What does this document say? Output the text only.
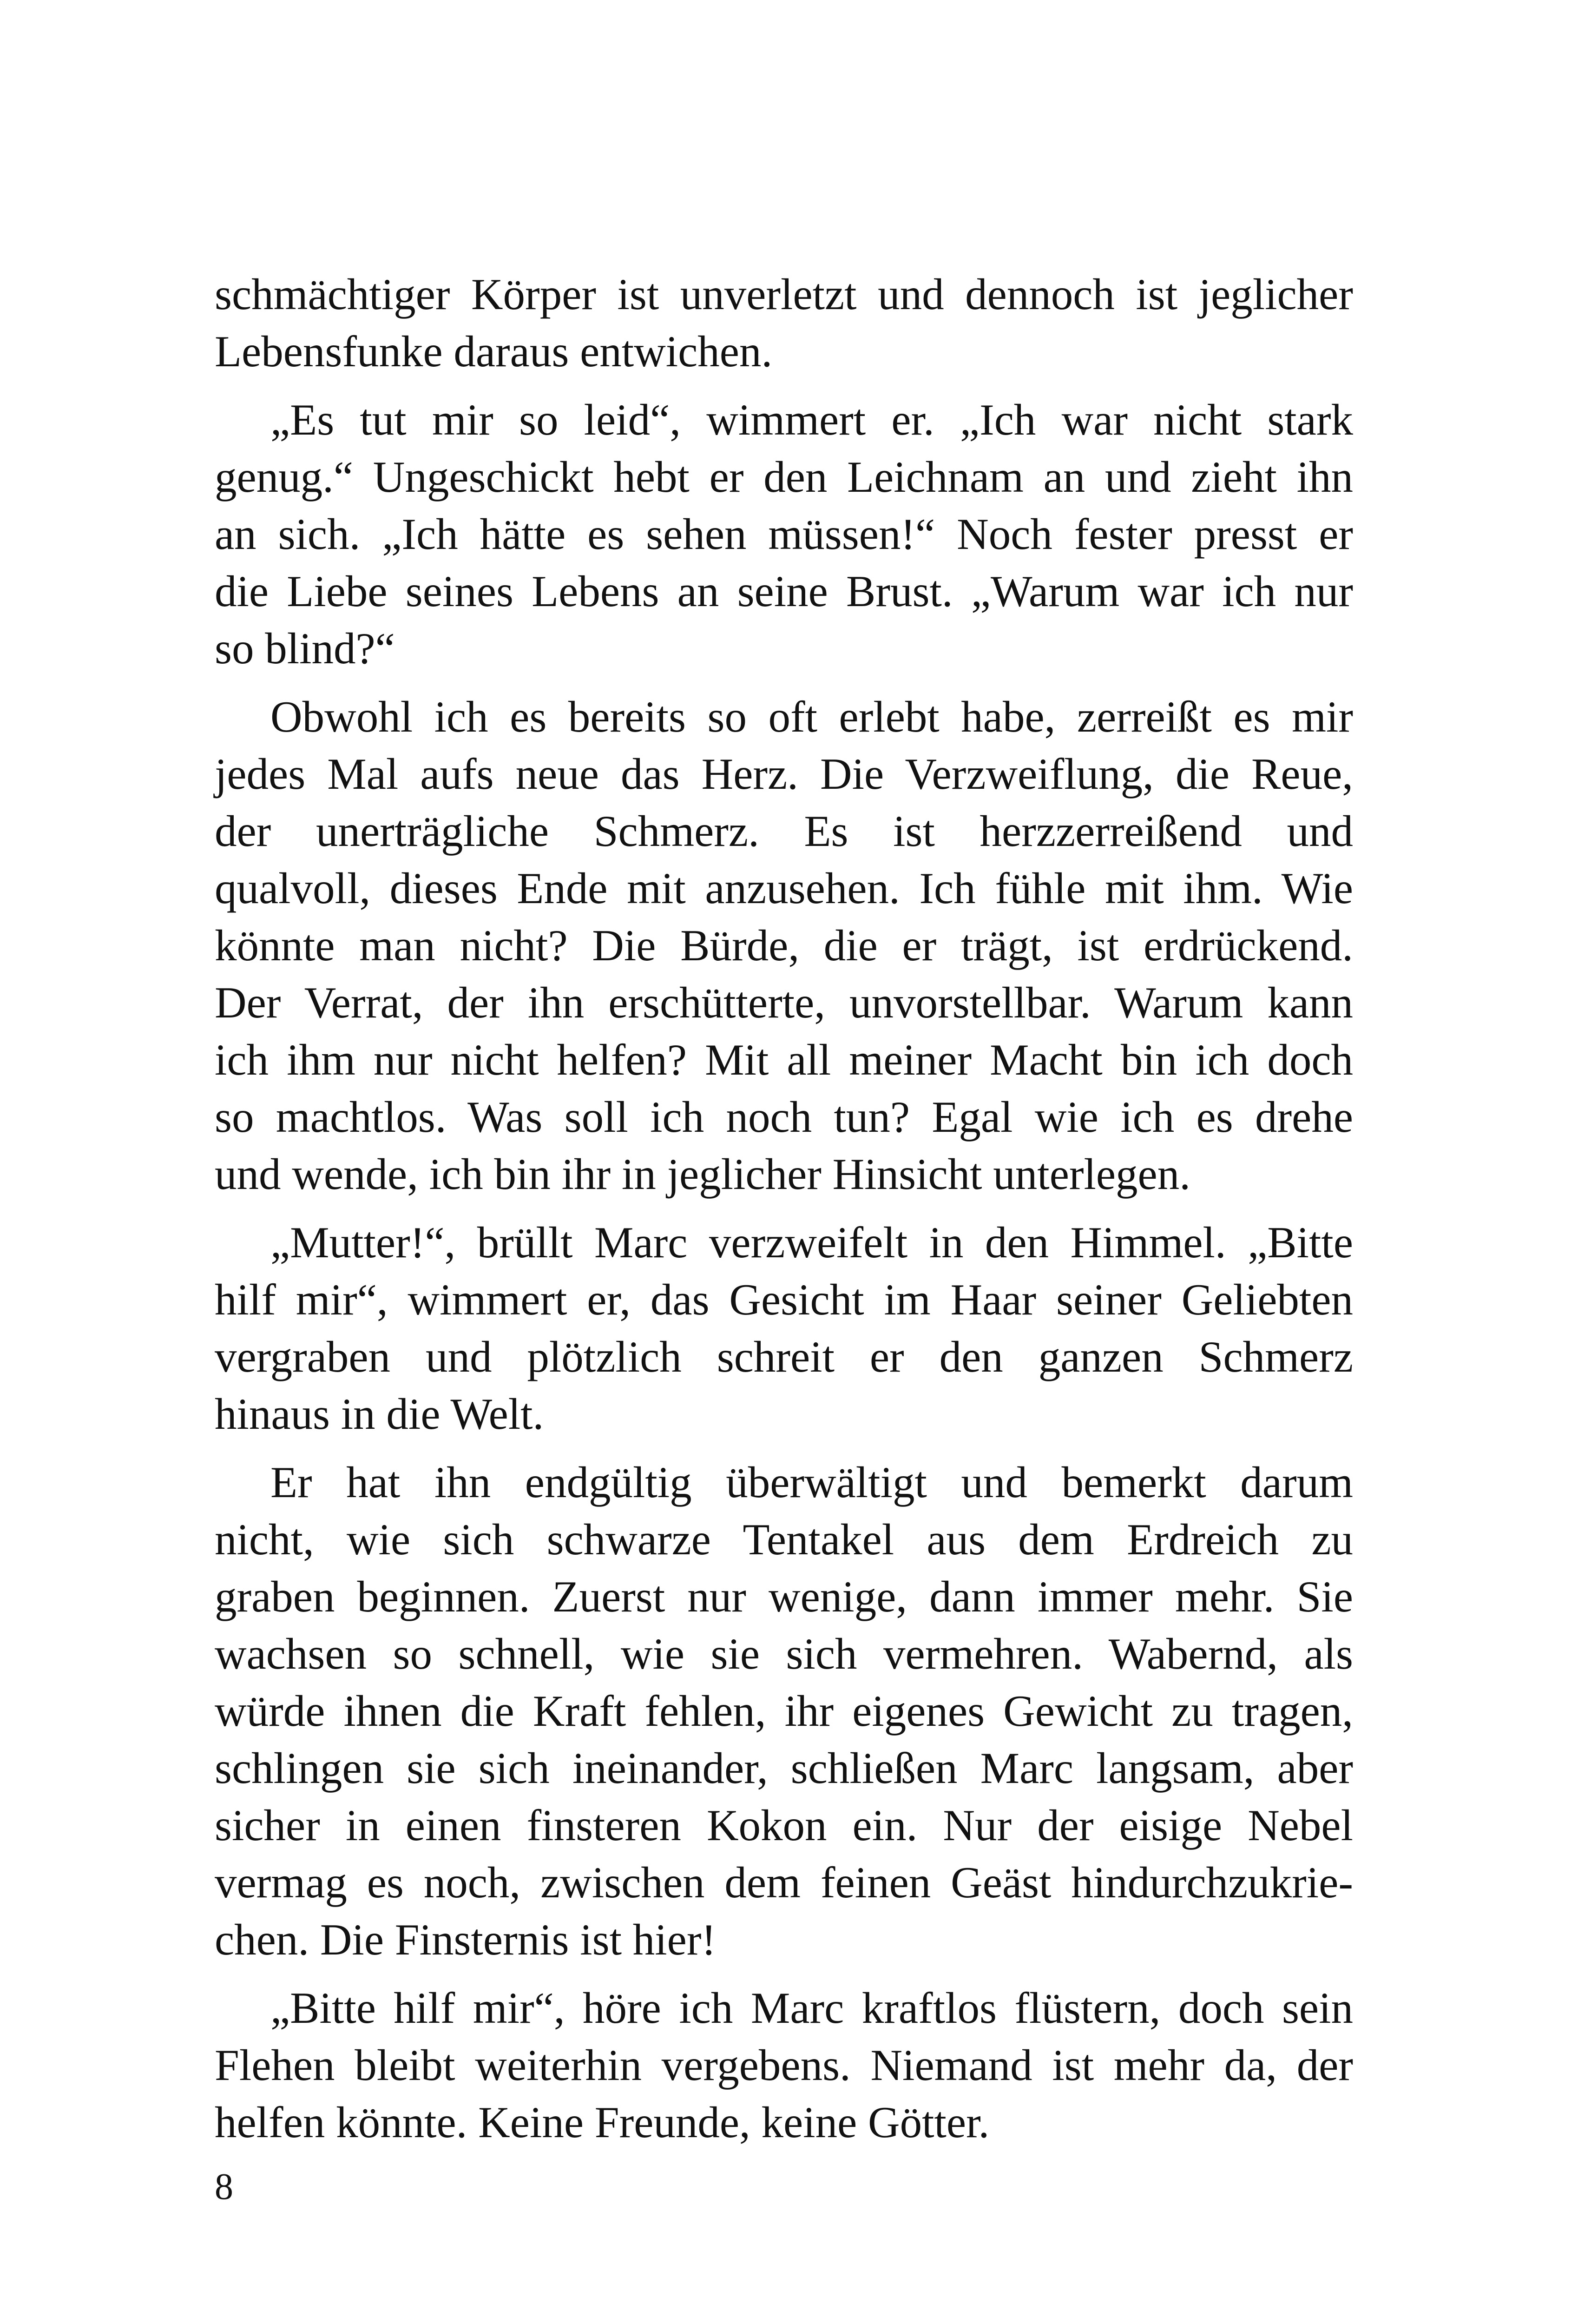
schmächtiger Körper ist unverletzt und dennoch ist jeglicher
Lebensfunke daraus entwichen.
„Es tut mir so leid“, wimmert er. „Ich war nicht stark
genug.“ Ungeschickt hebt er den Leichnam an und zieht ihn
an sich. „Ich hätte es sehen müssen!“ Noch fester presst er
die Liebe seines Lebens an seine Brust. „Warum war ich nur
so blind?“
Obwohl ich es bereits so oft erlebt habe, zerreißt es mir
jedes Mal aufs neue das Herz. Die Verzweiflung, die Reue,
der unerträgliche Schmerz. Es ist herzzerreißend und
qualvoll, dieses Ende mit anzusehen. Ich fühle mit ihm. Wie
könnte man nicht? Die Bürde, die er trägt, ist erdrückend.
Der Verrat, der ihn erschütterte, unvorstellbar. Warum kann
ich ihm nur nicht helfen? Mit all meiner Macht bin ich doch
so machtlos. Was soll ich noch tun? Egal wie ich es drehe
und wende, ich bin ihr in jeglicher Hinsicht unterlegen.
„Mutter!“, brüllt Marc verzweifelt in den Himmel. „Bitte
hilf mir“, wimmert er, das Gesicht im Haar seiner Geliebten
vergraben und plötzlich schreit er den ganzen Schmerz
hinaus in die Welt.
Er hat ihn endgültig überwältigt und bemerkt darum
nicht, wie sich schwarze Tentakel aus dem Erdreich zu
graben beginnen. Zuerst nur wenige, dann immer mehr. Sie
wachsen so schnell, wie sie sich vermehren. Wabernd, als
würde ihnen die Kraft fehlen, ihr eigenes Gewicht zu tragen,
schlingen sie sich ineinander, schließen Marc langsam, aber
sicher in einen finsteren Kokon ein. Nur der eisige Nebel
vermag es noch, zwischen dem feinen Geäst hindurchzukrie-
chen. Die Finsternis ist hier!
„Bitte hilf mir“, höre ich Marc kraftlos flüstern, doch sein
Flehen bleibt weiterhin vergebens. Niemand ist mehr da, der
helfen könnte. Keine Freunde, keine Götter.
8
